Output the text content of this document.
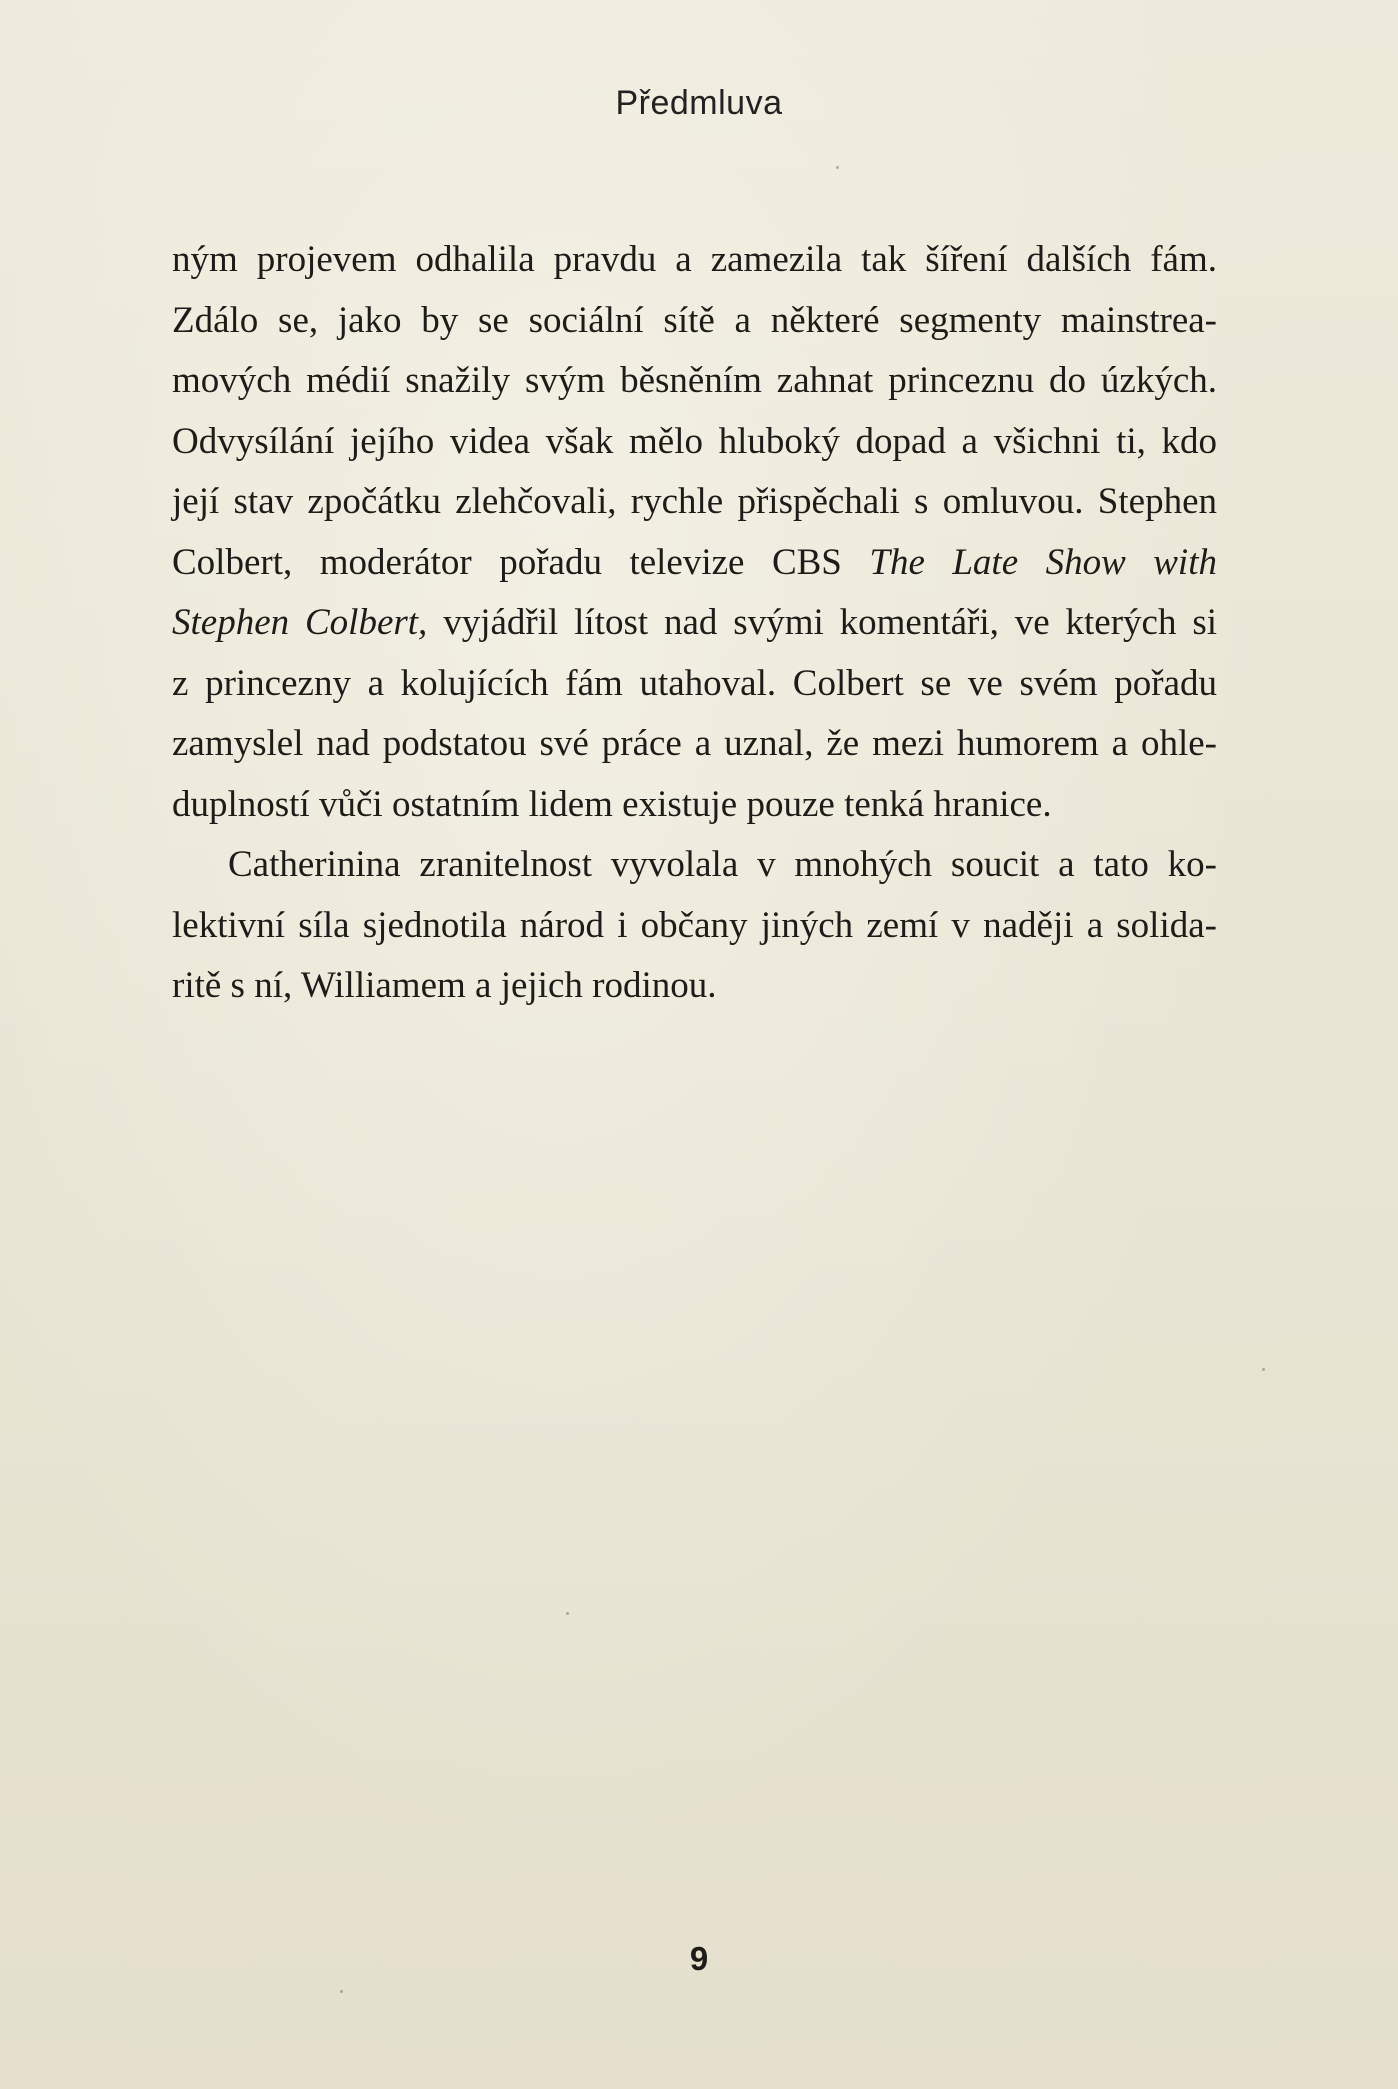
Předmluva

ným projevem odhalila pravdu a zamezila tak šíření dalších fám.
Zdálo se, jako by se sociální sítě a některé segmenty mainstrea-
mových médií snažily svým běsněním zahnat princeznu do úzkých.
Odvysílání jejího videa však mělo hluboký dopad a všichni ti, kdo
její stav zpočátku zlehčovali, rychle přispěchali s omluvou. Stephen
Colbert, moderátor pořadu televize CBS The Late Show with
Stephen Colbert, vyjádřil lítost nad svými komentáři, ve kterých si
z princezny a kolujících fám utahoval. Colbert se ve svém pořadu
zamyslel nad podstatou své práce a uznal, že mezi humorem a ohle-
duplností vůči ostatním lidem existuje pouze tenká hranice.

Catherinina zranitelnost vyvolala v mnohých soucit a tato ko-
lektivní síla sjednotila národ i občany jiných zemí v naději a solida-
ritě s ní, Williamem a jejich rodinou.

9
